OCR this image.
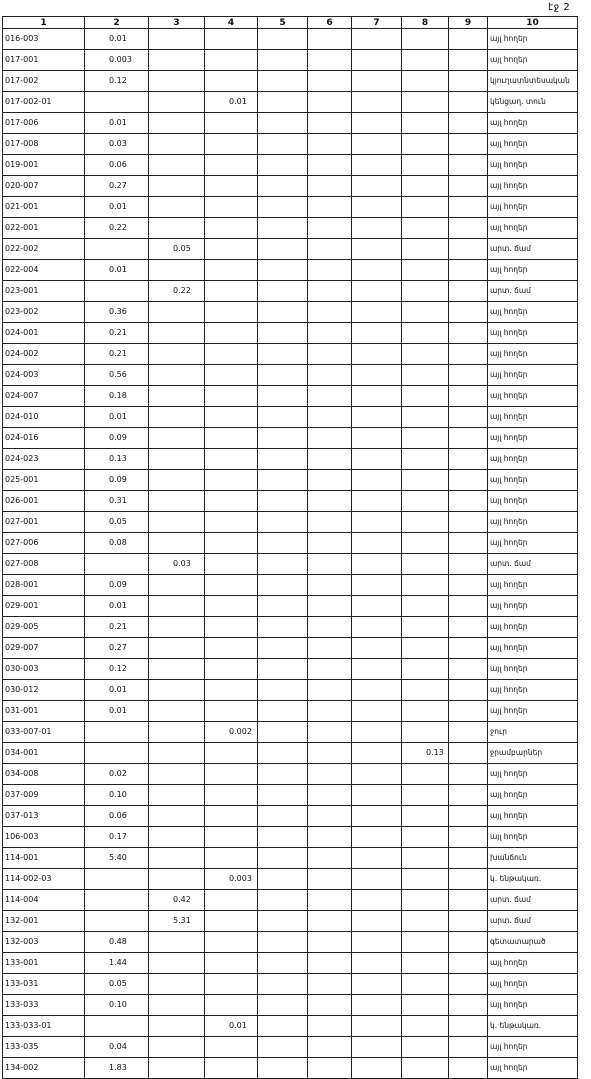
էջ 2
1	2	3	4	5	6	7	8	9	10
016-003	0.01								այլ հողեր
017-001	0.003								այլ հողեր
017-002	0.12								կյուղատնտեսական
017-002-01			0.01						կենցաղ. տուն
017-006	0.01								այլ հողեր
017-008	0.03								այլ հողեր
019-001	0.06								այլ հողեր
020-007	0.27								այլ հողեր
021-001	0.01								այլ հողեր
022-001	0.22								այլ հողեր
022-002		0.05							արտ. ճամ
022-004	0.01								այլ հողեր
023-001		0.22							արտ. ճամ
023-002	0.36								այլ հողեր
024-001	0.21								այլ հողեր
024-002	0.21								այլ հողեր
024-003	0.56								այլ հողեր
024-007	0.18								այլ հողեր
024-010	0.01								այլ հողեր
024-016	0.09								այլ հողեր
024-023	0.13								այլ հողեր
025-001	0.09								այլ հողեր
026-001	0.31								այլ հողեր
027-001	0.05								այլ հողեր
027-006	0.08								այլ հողեր
027-008		0.03							արտ. ճամ
028-001	0.09								այլ հողեր
029-001	0.01								այլ հողեր
029-005	0.21								այլ հողեր
029-007	0.27								այլ հողեր
030-003	0.12								այլ հողեր
030-012	0.01								այլ հողեր
031-001	0.01								այլ հողեր
033-007-01			0.002						ջուր
034-001							0.13		ջրամբարներ
034-008	0.02								այլ հողեր
037-009	0.10								այլ հողեր
037-013	0.06								այլ հողեր
106-003	0.17								այլ հողեր
114-001	5.40								խանճուն
114-002-03			0.003						կ. ենթակառ.
114-004		0.42							արտ. ճամ
132-001		5.31							արտ. ճամ
132-003	0.48								գետատարած
133-001	1.44								այլ հողեր
133-031	0.05								այլ հողեր
133-033	0.10								այլ հողեր
133-033-01			0.01						կ. ենթակառ.
133-035	0.04								այլ հողեր
134-002	1.83								այլ հողեր
